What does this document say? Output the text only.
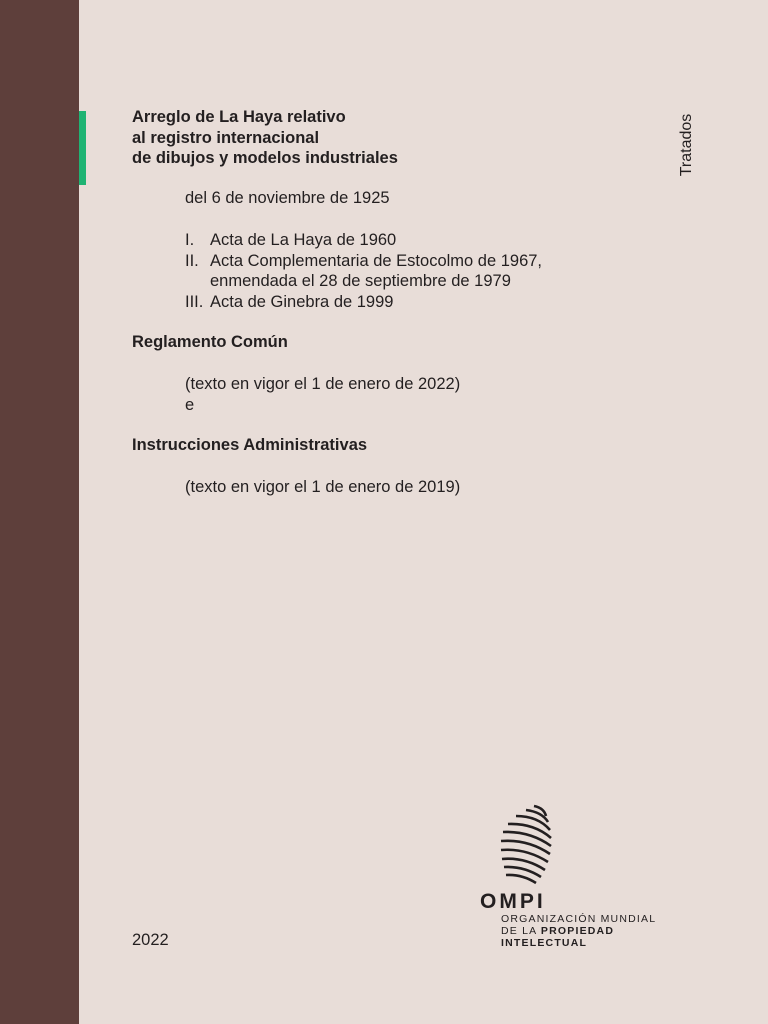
Arreglo de La Haya relativo
al registro internacional
de dibujos y modelos industriales	Tratados
del 6 de noviembre de 1925
I. Acta de La Haya de 1960
II. Acta Complementaria de Estocolmo de 1967,
enmendada el 28 de septiembre de 1979
III. Acta de Ginebra de 1999
Reglamento Común
(texto en vigor el 1 de enero de 2022)
e
Instrucciones Administrativas
(texto en vigor el 1 de enero de 2019)
OMPI
ORGANIZACIÓN MUNDIAL
DE LA PROPIEDAD
INTELECTUAL
2022
